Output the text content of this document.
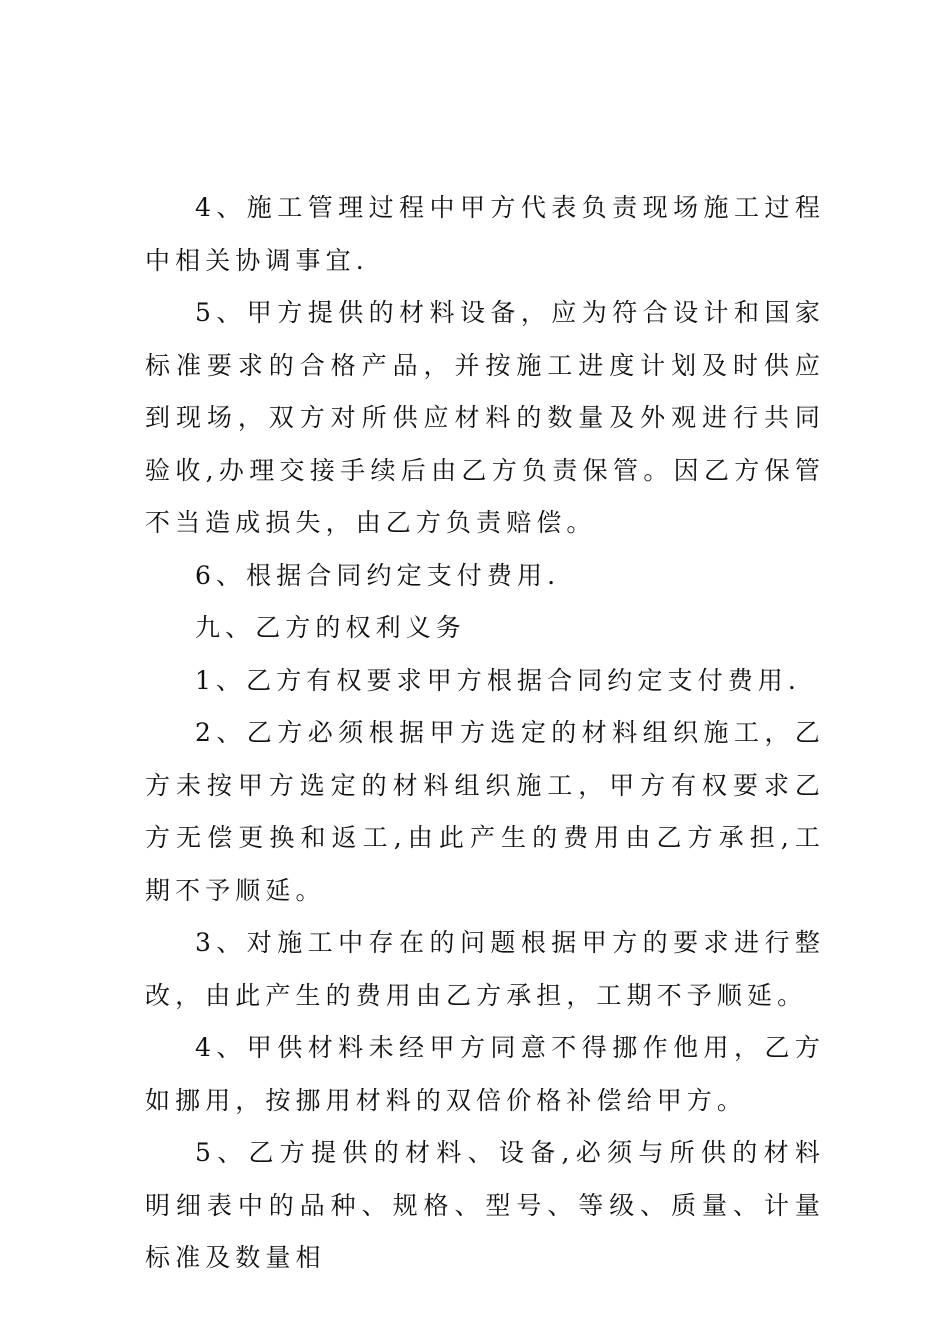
4、施工管理过程中甲方代表负责现场施工过程中相关协调事宜.

5、甲方提供的材料设备，应为符合设计和国家标准要求的合格产品，并按施工进度计划及时供应到现场，双方对所供应材料的数量及外观进行共同验收,办理交接手续后由乙方负责保管。因乙方保管不当造成损失，由乙方负责赔偿。

6、根据合同约定支付费用.

九、乙方的权利义务

1、乙方有权要求甲方根据合同约定支付费用.

2、乙方必须根据甲方选定的材料组织施工，乙方未按甲方选定的材料组织施工，甲方有权要求乙方无偿更换和返工,由此产生的费用由乙方承担,工期不予顺延。

3、对施工中存在的问题根据甲方的要求进行整改，由此产生的费用由乙方承担，工期不予顺延。

4、甲供材料未经甲方同意不得挪作他用，乙方如挪用，按挪用材料的双倍价格补偿给甲方。

5、乙方提供的材料、设备,必须与所供的材料明细表中的品种、规格、型号、等级、质量、计量标准及数量相
